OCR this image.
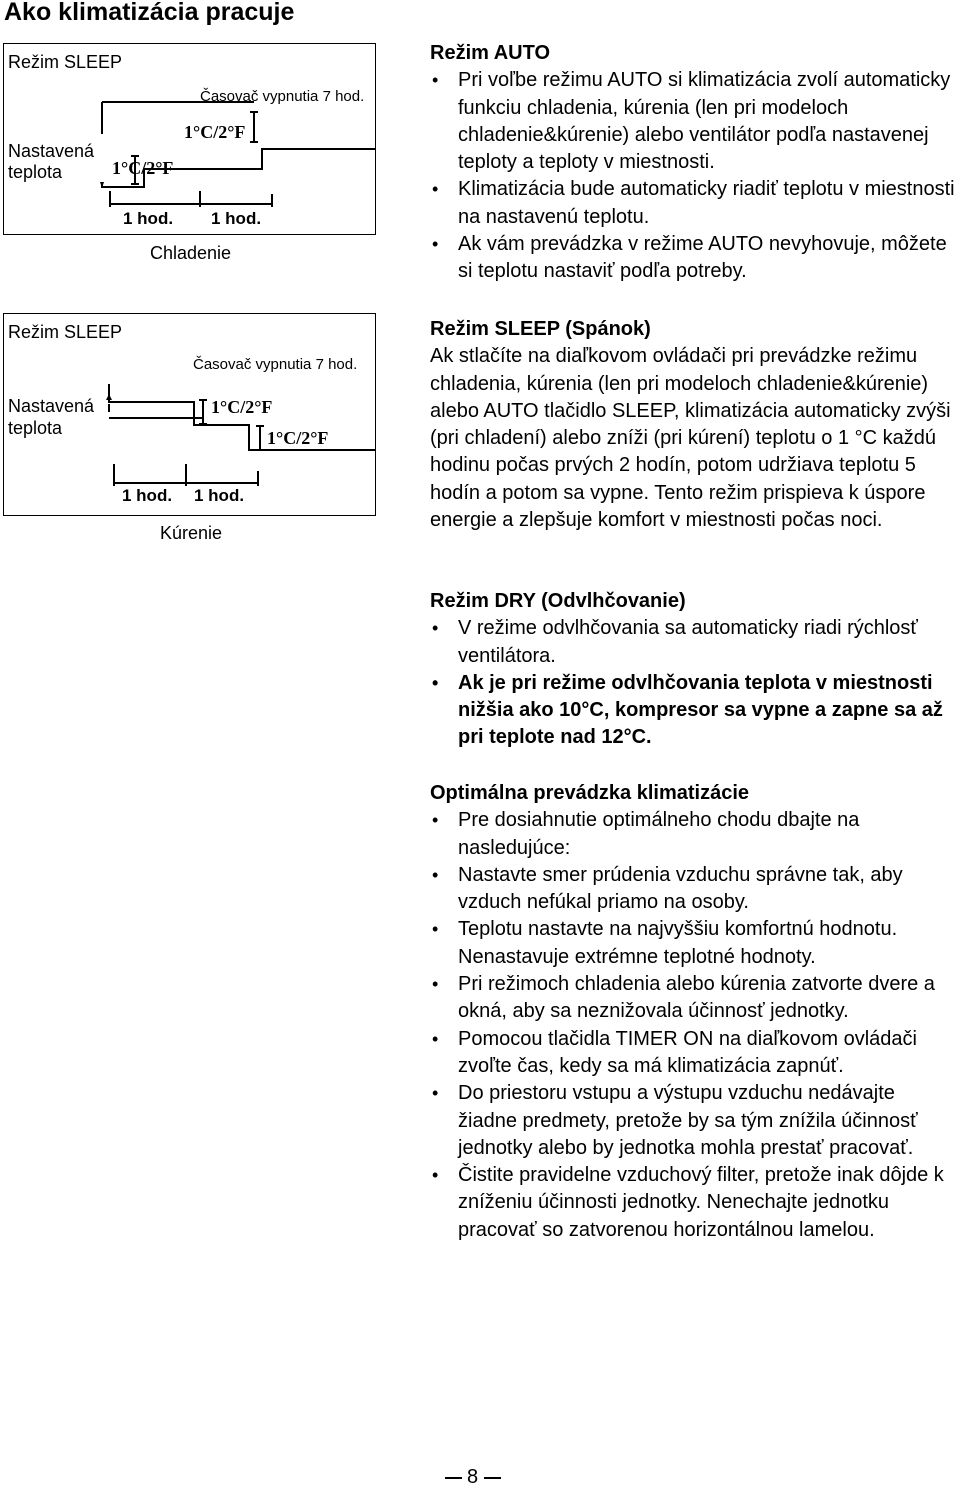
Ako klimatizácia pracuje
Režim SLEEP
Nastavená
teplota
Časovač vypnutia 7 hod.
1°C/2°F
1°C/2°F
1 hod. 1 hod.
Chladenie
Režim SLEEP
Nastavená
teplota
Časovač vypnutia 7 hod.
1°C/2°F
1°C/2°F
1 hod. 1 hod.
Kúrenie
Režim AUTO
• Pri voľbe režimu AUTO si klimatizácia zvolí automaticky funkciu chladenia, kúrenia (len pri modeloch chladenie&kúrenie) alebo ventilátor podľa nastavenej teploty a teploty v miestnosti.
• Klimatizácia bude automaticky riadiť teplotu v miestnosti na nastavenú teplotu.
• Ak vám prevádzka v režime AUTO nevyhovuje, môžete si teplotu nastaviť podľa potreby.
Režim SLEEP (Spánok)

Ak stlačíte na diaľkovom ovládači pri prevádzke režimu chladenia, kúrenia (len pri modeloch chladenie&kúrenie) alebo AUTO tlačidlo SLEEP, klimatizácia automaticky zvýši (pri chladení) alebo zníži (pri kúrení) teplotu o 1 °C každú hodinu počas prvých 2 hodín, potom udržiava teplotu 5 hodín a potom sa vypne. Tento režim prispieva k úspore energie a zlepšuje komfort v miestnosti počas noci.

Režim DRY (Odvlhčovanie)
• V režime odvlhčovania sa automaticky riadi rýchlosť ventilátora.
• Ak je pri režime odvlhčovania teplota v miestnosti nižšia ako 10°C, kompresor sa vypne a zapne sa až pri teplote nad 12°C.
Optimálna prevádzka klimatizácie
• Pre dosiahnutie optimálneho chodu dbajte na nasledujúce:
• Nastavte smer prúdenia vzduchu správne tak, aby vzduch nefúkal priamo na osoby.
• Teplotu nastavte na najvyššiu komfortnú hodnotu. Nenastavuje extrémne teplotné hodnoty.
• Pri režimoch chladenia alebo kúrenia zatvorte dvere a okná, aby sa neznižovala účinnosť jednotky.
• Pomocou tlačidla TIMER ON na diaľkovom ovládači zvoľte čas, kedy sa má klimatizácia zapnúť.
• Do priestoru vstupu a výstupu vzduchu nedávajte žiadne predmety, pretože by sa tým znížila účinnosť jednotky alebo by jednotka mohla prestať pracovať.
• Čistite pravidelne vzduchový filter, pretože inak dôjde k zníženiu účinnosti jednotky. Nenechajte jednotku pracovať so zatvorenou horizontálnou lamelou.
8
